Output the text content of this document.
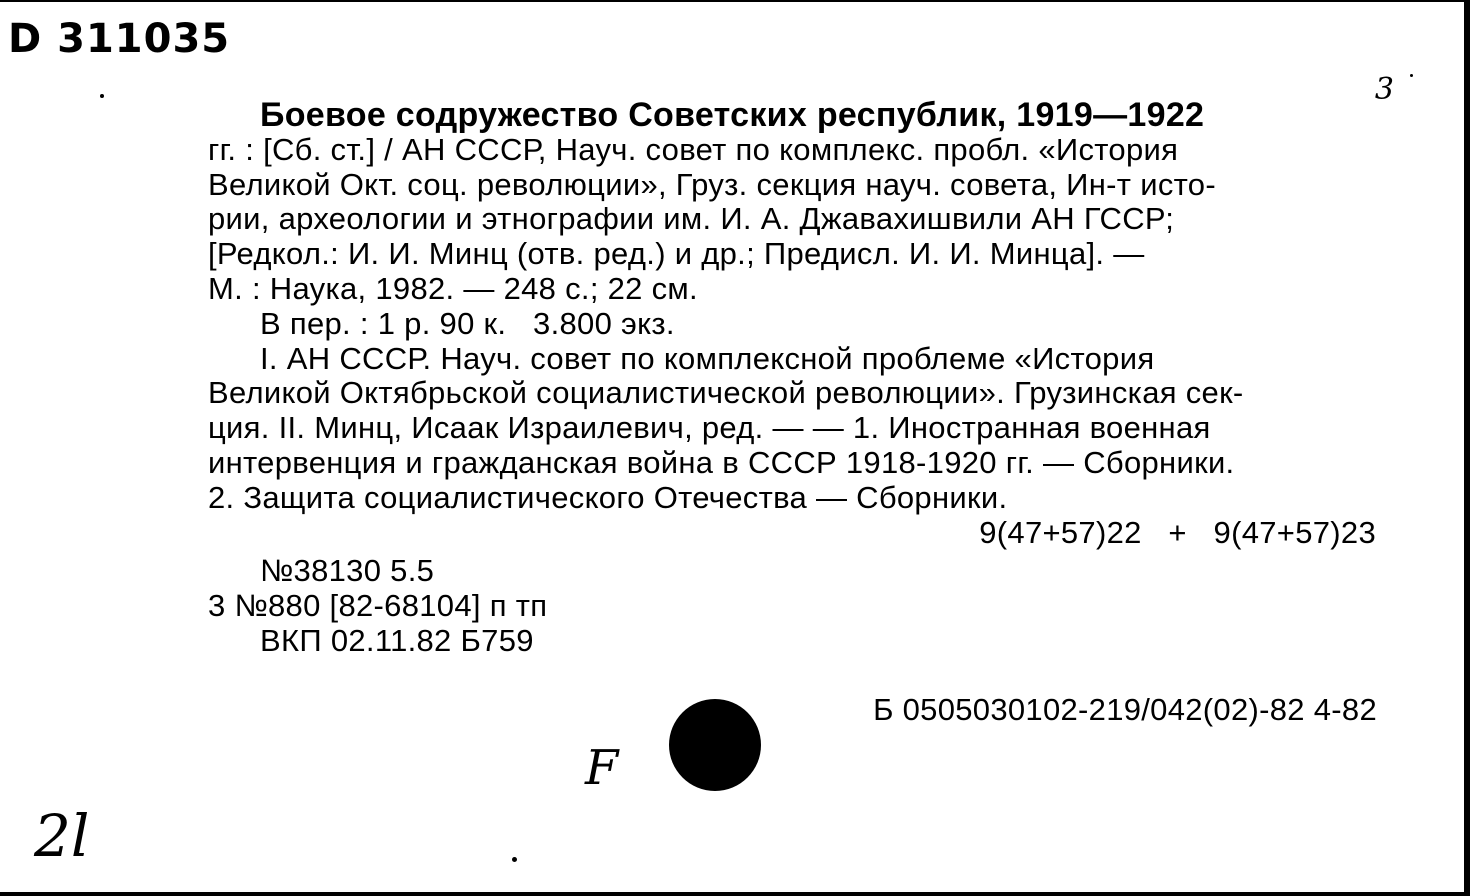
D 311035
3

Боевое содружество Советских республик, 1919—1922

гг. : [Сб. ст.] / АН СССР, Науч. совет по комплекс. пробл. «История

Великой Окт. соц. революции», Груз. секция науч. совета, Ин-т исто-

рии, археологии и этнографии им. И. А. Джавахишвили АН ГССР;

[Редкол.: И. И. Минц (отв. ред.) и др.; Предисл. И. И. Минца]. —

М. : Наука, 1982. — 248 с.; 22 см.

В пер. : 1 р. 90 к.   3.800 экз.

I. АН СССР. Науч. совет по комплексной проблеме «История

Великой Октябрьской социалистической революции». Грузинская сек-

ция. II. Минц, Исаак Израилевич, ред. — — 1. Иностранная военная

интервенция и гражданская война в СССР 1918-1920 гг. — Сборники.

2. Защита социалистического Отечества — Сборники.

9(47+57)22   +   9(47+57)23

№38130 5.5

3 №880 [82-68104] п тп

ВКП 02.11.82 Б759

Б 0505030102-219/042(02)-82 4-82
2l
F
